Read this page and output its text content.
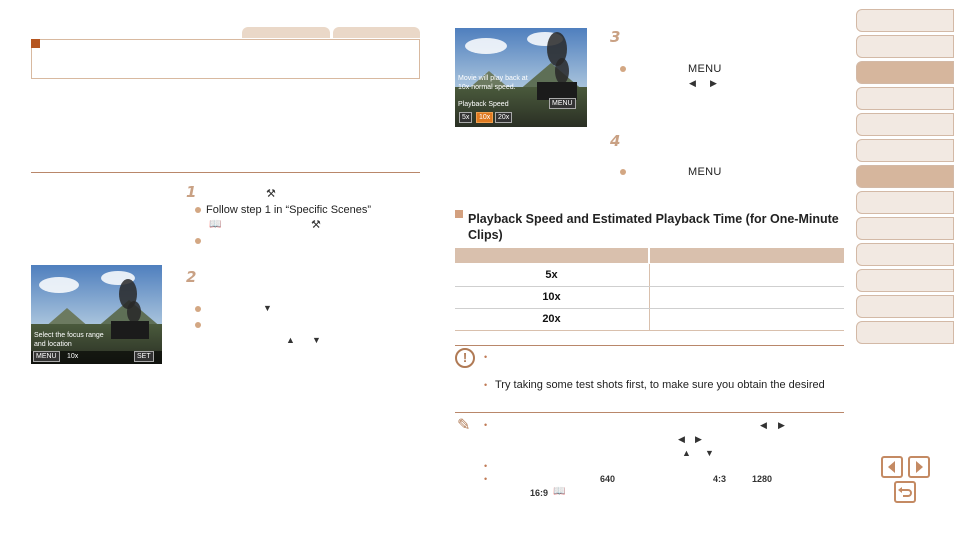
1	⚒
Follow step 1 in “Specific Scenes”
📖	⚒
Select the focus range
and location
MENU	10x	SET
2
▼
▲ ▼
Movie will play back at
10x normal speed.
Playback Speed	MENU
5x	10x	20x
3
MENU
◀ ▶
4
MENU
Playback Speed and Estimated Playback Time (for One-Minute Clips)
5x
10x
20x
!	•
• Try taking some test shots first, to make sure you obtain the desired
✎ •	◀ ▶
◀ ▶
▲ ▼
•
•	640	4:3	1280
16:9 📖
